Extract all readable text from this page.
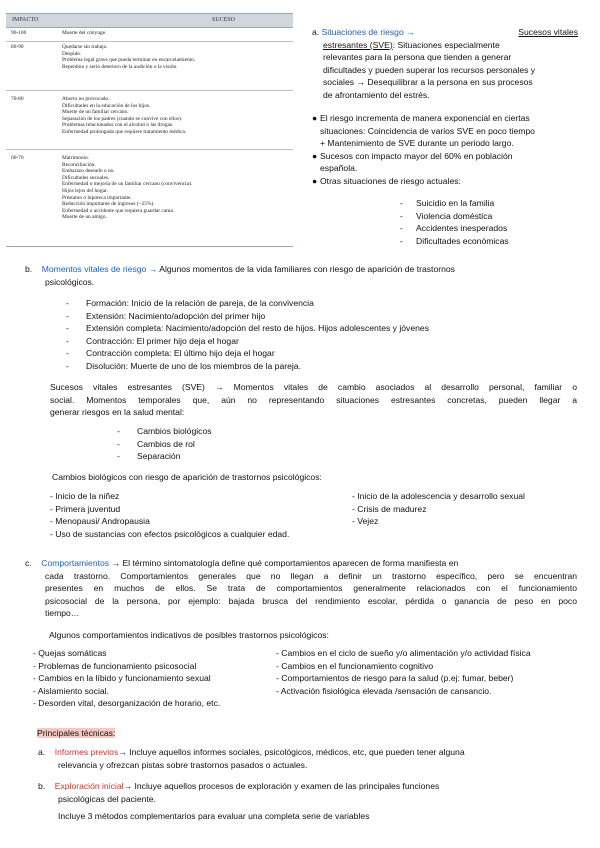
IMPACTO	SUCESO
90-100	Muerte del cónyuge.
80-90	Quedarse sin trabajo.
Despido.
Problema legal grave que pueda terminar en encarcelamiento.
Repentino y serio deterioro de la audición o la visión.
70-80	Aborto no provocado.
Dificultades en la educación de los hijos.
Muerte de un familiar cercano.
Separación de los padres (cuando se convive con ellos).
Problemas relacionados con el alcohol o las drogas.
Enfermedad prolongada que requiere tratamiento médico.
60-70	Matrimonio.
Reconciliación.
Embarazo deseado o no.
Dificultades sexuales.
Enfermedad o mejoría de un familiar cercano (convivencia).
Hijos lejos del hogar.
Préstamo o hipoteca importante.
Reducción importante de ingresos (~25%).
Enfermedad o accidente que requiera guardar cama.
Muerte de un amigo.
a. Situaciones de riesgo →	Sucesos vitales
estresantes (SVE): Situaciones especialmente
relevantes para la persona que tienden a generar
dificultades y pueden superar los recursos personales y
sociales → Desequilibrar a la persona en sus procesos
de afrontamiento del estrés.
● El riesgo incrementa de manera exponencial en ciertas
situaciones: Coincidencia de varios SVE en poco tiempo
+ Mantenimiento de SVE durante un periodo largo.
● Sucesos con impacto mayor del 60% en población
española.
● Otras situaciones de riesgo actuales:
- Suicidio en la familia
- Violencia doméstica
- Accidentes inesperados
- Dificultades económicas
b. Momentos vitales de riesgo → Algunos momentos de la vida familiares con riesgo de aparición de trastornos
psicológicos.
- Formación: Inicio de la relación de pareja, de la convivencia
- Extensión: Nacimiento/adopción del primer hijo
- Extensión completa: Nacimiento/adopción del resto de hijos. Hijos adolescentes y jóvenes
- Contracción: El primer hijo deja el hogar
- Contracción completa: El último hijo deja el hogar
- Disolución: Muerte de uno de los miembros de la pareja.
Sucesos vitales estresantes (SVE) → Momentos vitales de cambio asociados al desarrollo personal, familiar o
social. Momentos temporales que, aún no representando situaciones estresantes concretas, pueden llegar a
generar riesgos en la salud mental:
- Cambios biológicos
- Cambios de rol
- Separación
Cambios biológicos con riesgo de aparición de trastornos psicológicos:
- Inicio de la niñez
- Primera juventud
- Menopausi/ Andropausia
- Uso de sustancias con efectos psicológicos a cualquier edad.
- Inicio de la adolescencia y desarrollo sexual
- Crisis de madurez
- Vejez
c. Comportamientos → El término sintomatología define qué comportamientos aparecen de forma manifiesta en
cada trastorno. Comportamientos generales que no llegan a definir un trastorno específico, pero se encuentran
presentes en muchos de ellos. Se trata de comportamientos generalmente relacionados con el funcionamiento
psicosocial de la persona, por ejemplo: bajada brusca del rendimiento escolar, pérdida o ganancia de peso en poco
tiempo…
Algunos comportamientos indicativos de posibles trastornos psicológicos:
- Quejas somáticas
- Problemas de funcionamiento psicosocial
- Cambios en la líbido y funcionamiento sexual
- Aislamiento social.
- Desorden vital, desorganización de horario, etc.
- Cambios en el ciclo de sueño y/o alimentación y/o actividad física
- Cambios en el funcionamiento cognitivo
- Comportamientos de riesgo para la salud (p.ej: fumar, beber)
- Activación fisiológica elevada /sensación de cansancio.
Principales técnicas:
a. Informes previos→ Incluye aquellos informes sociales, psicológicos, médicos, etc, que pueden tener alguna
relevancia y ofrezcan pistas sobre trastornos pasados o actuales.
b. Exploración inicial→ Incluye aquellos procesos de exploración y examen de las principales funciones
psicológicas del paciente.
Incluye 3 métodos complementarios para evaluar una completa serie de variables
